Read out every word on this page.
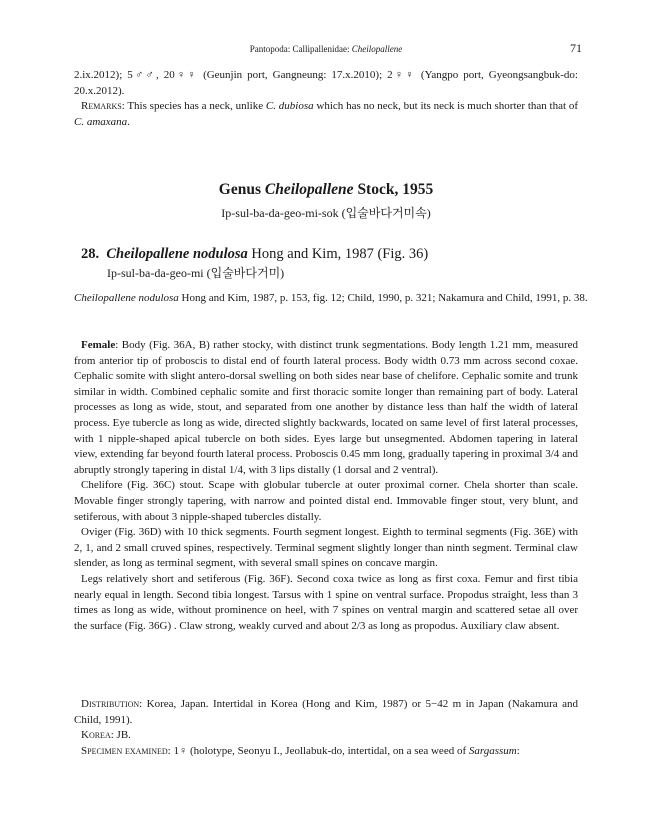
Pantopoda: Callipallenidae: Cheilopallene	71

2.ix.2012); 5♂♂, 20♀♀ (Geunjin port, Gangneung: 17.x.2010); 2♀♀ (Yangpo port, Gyeongsangbuk-do: 20.x.2012).

Remarks: This species has a neck, unlike C. dubiosa which has no neck, but its neck is much shorter than that of C. amaxana.

Genus Cheilopallene Stock, 1955
Ip-sul-ba-da-geo-mi-sok (입술바다거미속)
28. Cheilopallene nodulosa Hong and Kim, 1987 (Fig. 36)
Ip-sul-ba-da-geo-mi (입술바다거미)
Cheilopallene nodulosa Hong and Kim, 1987, p. 153, fig. 12; Child, 1990, p. 321; Nakamura and Child, 1991, p. 38.

Female: Body (Fig. 36A, B) rather stocky, with distinct trunk segmentations. Body length 1.21 mm, measured from anterior tip of proboscis to distal end of fourth lateral process. Body width 0.73 mm across second coxae. Cephalic somite with slight antero-dorsal swelling on both sides near base of chelifore. Cephalic somite and trunk similar in width. Combined cephalic somite and first thoracic somite longer than remaining part of body. Lateral processes as long as wide, stout, and separated from one another by distance less than half the width of lateral process. Eye tubercle as long as wide, directed slightly backwards, located on same level of first lateral processes, with 1 nipple-shaped apical tubercle on both sides. Eyes large but unsegmented. Abdomen tapering in lateral view, extending far beyond fourth lateral process. Proboscis 0.45 mm long, gradually tapering in proximal 3/4 and abruptly strongly tapering in distal 1/4, with 3 lips distally (1 dorsal and 2 ventral).

Chelifore (Fig. 36C) stout. Scape with globular tubercle at outer proximal corner. Chela shorter than scale. Movable finger strongly tapering, with narrow and pointed distal end. Immovable finger stout, very blunt, and setiferous, with about 3 nipple-shaped tubercles distally.

Oviger (Fig. 36D) with 10 thick segments. Fourth segment longest. Eighth to terminal segments (Fig. 36E) with 2, 1, and 2 small cruved spines, respectively. Terminal segment slightly longer than ninth segment. Terminal claw slender, as long as terminal segment, with several small spines on concave margin.

Legs relatively short and setiferous (Fig. 36F). Second coxa twice as long as first coxa. Femur and first tibia nearly equal in length. Second tibia longest. Tarsus with 1 spine on ventral surface. Propodus straight, less than 3 times as long as wide, without prominence on heel, with 7 spines on ventral margin and scattered setae all over the surface (Fig. 36G) . Claw strong, weakly curved and about 2/3 as long as propodus. Auxiliary claw absent.

Distribution: Korea, Japan. Intertidal in Korea (Hong and Kim, 1987) or 5−42 m in Japan (Nakamura and Child, 1991).

Korea: JB.

Specimen examined: 1♀ (holotype, Seonyu I., Jeollabuk-do, intertidal, on a sea weed of Sargassum:
